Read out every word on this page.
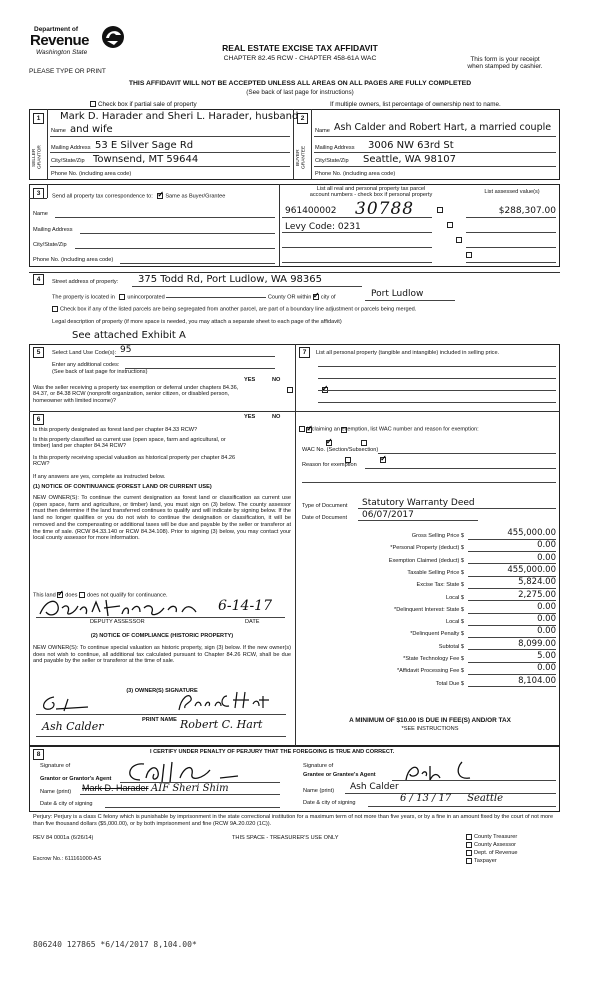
Department of
Revenue
Washington State
PLEASE TYPE OR PRINT
REAL ESTATE EXCISE TAX AFFIDAVIT
CHAPTER 82.45 RCW - CHAPTER 458-61A WAC	This form is your receipt
when stamped by cashier.
THIS AFFIDAVIT WILL NOT BE ACCEPTED UNLESS ALL AREAS ON ALL PAGES ARE FULLY COMPLETED
(See back of last page for instructions)
Check box if partial sale of property	If multiple owners, list percentage of ownership next to name.
1	2
SELLER GRANTOR	BUYER GRANTEE
Mark D. Harader and Sheri L. Harader, husband
Name and wife
Mailing Address 53 E Silver Sage Rd
City/State/Zip Townsend, MT 59644
Phone No. (including area code)
Name Ash Calder and Robert Hart, a married couple
Mailing Address 3006 NW 63rd St
City/State/Zip Seattle, WA 98107
Phone No. (including area code)
3	Send all property tax correspondence to: ✓ Same as Buyer/Grantee
Name
Mailing Address
City/State/Zip
Phone No. (including area code)
List all real and personal property tax parcel
account numbers - check box if personal property
List assessed value(s)
961400002 30788	$288,307.00
Levy Code: 0231

4	Street address of property: 375 Todd Rd, Port Ludlow, WA 98365
The property is located in unincorporated	County OR within ✓ city of	Port Ludlow
Check box if any of the listed parcels are being segregated from another parcel, are part of a boundary line adjustment or parcels being merged.
Legal description of property (if more space is needed, you may attach a separate sheet to each page of the affidavit)
See attached Exhibit A
5	Select Land Use Code(s): 95
Enter any additional codes:
(See back of last page for instructions)
YES	NO
Was the seller receiving a property tax exemption or deferral under chapters 84.36, 84.37, or 84.38 RCW (nonprofit organization, senior citizen, or disabled person, homeowner with limited income)?
✓
6	YES	NO
Is this property designated as forest land per chapter 84.33 RCW?
✓
Is this property classified as current use (open space, farm and agricultural, or timber) land per chapter 84.34 RCW?
✓
Is this property receiving special valuation as historical property per chapter 84.26 RCW?
✓
If any answers are yes, complete as instructed below.
(1) NOTICE OF CONTINUANCE (FOREST LAND OR CURRENT USE)
NEW OWNER(S): To continue the current designation as forest land or classification as current use (open space, farm and agriculture, or timber) land, you must sign on (3) below. The county assessor must then determine if the land transferred continues to qualify and will indicate by signing below. If the land no longer qualifies or you do not wish to continue the designation or classification, it will be removed and the compensating or additional taxes will be due and payable by the seller or transferor at the time of sale. (RCW 84.33.140 or RCW 84.34.108). Prior to signing (3) below, you may contact your local county assessor for more information.
This land ✓ does does not qualify for continuance.
6-14-17
DEPUTY ASSESSOR	DATE
(2) NOTICE OF COMPLIANCE (HISTORIC PROPERTY)
NEW OWNER(S): To continue special valuation as historic property, sign (3) below. If the new owner(s) does not wish to continue, all additional tax calculated pursuant to Chapter 84.26 RCW, shall be due and payable by the seller or transferor at the time of sale.
(3) OWNER(S) SIGNATURE
PRINT NAME
Ash Calder	Robert C. Hart
7	List all personal property (tangible and intangible) included in selling price.
If claiming an exemption, list WAC number and reason for exemption:
WAC No. (Section/Subsection)
Reason for exemption
Type of Document Statutory Warranty Deed
Date of Document 06/07/2017
Gross Selling Price $	455,000.00
*Personal Property (deduct) $	0.00
Exemption Claimed (deduct) $	0.00
Taxable Selling Price $	455,000.00
Excise Tax: State $	5,824.00
Local $	2,275.00
*Delinquent Interest: State $	0.00
Local $	0.00
*Delinquent Penalty $	0.00
Subtotal $	8,099.00
*State Technology Fee $	5.00
*Affidavit Processing Fee $	0.00
Total Due $	8,104.00
A MINIMUM OF $10.00 IS DUE IN FEE(S) AND/OR TAX
*SEE INSTRUCTIONS
8	I CERTIFY UNDER PENALTY OF PERJURY THAT THE FOREGOING IS TRUE AND CORRECT.
Signature of
Grantor or Grantor's Agent
Name (print) Mark D. Harader AIF Sheri Shim
Date & city of signing
Signature of
Grantee or Grantee's Agent
Name (print) Ash Calder
Date & city of signing	6 / 13 / 17     Seattle
Perjury: Perjury is a class C felony which is punishable by imprisonment in the state correctional institution for a maximum term of not more than five years, or by a fine in an amount fixed by the court of not more than five thousand dollars ($5,000.00), or by both imprisonment and fine (RCW 9A.20.020 (1C)).
REV 84 0001a (6/26/14)	THIS SPACE - TREASURER'S USE ONLY
Escrow No.: 611161000-AS
County Treasurer
County Assessor
Dept. of Revenue
Taxpayer
806240 127865 *6/14/2017 8,104.00*
